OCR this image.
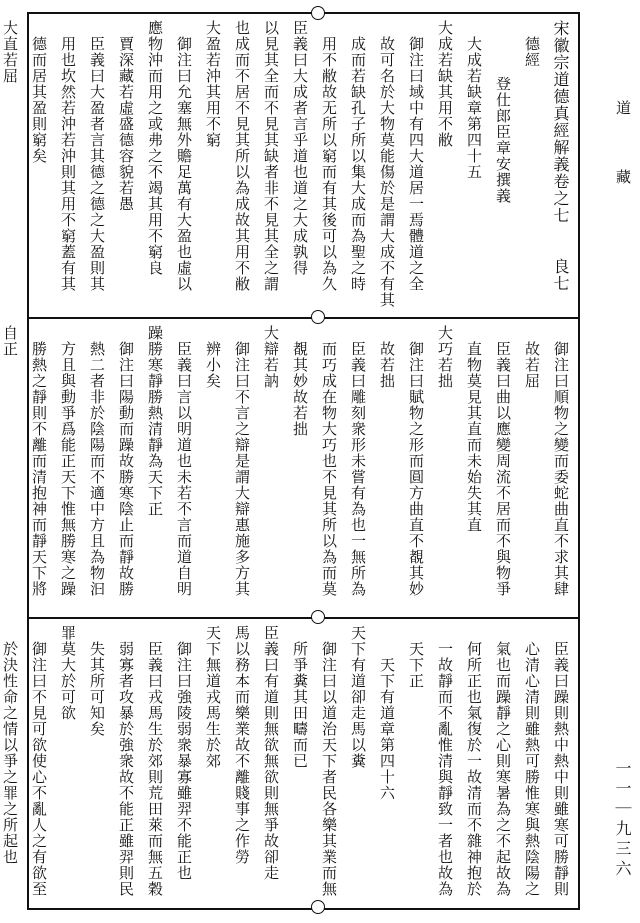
宋徽宗道德真經解義卷之七　　良七
德經
登仕郎臣章安撰義
大成若缺章第四十五
大成若缺其用不敝
御注曰域中有四大道居一焉體道之全
故可名於大物莫能傷於是謂大成不有其
成而若缺孔子所以集大成而為聖之時
用不敝故无所以窮而有其後可以為久
臣義曰大成者言乎道也道之大成孰得
以見其全而不見其缺者非不見其全之謂
也成而不居不見其所以為成故其用不敝
大盈若沖其用不窮
御注曰允塞無外贍足萬有大盈也虛以
應物沖而用之或弗之不竭其用不窮良
賈深藏若虛盛德容貌若愚
臣義曰大盈者言其德之德之大盈則其
用也坎然若沖若沖則其用不窮蓋有其
德而居其盈則窮矣
大直若屈
御注曰順物之變而委蛇曲直不求其肆
故若屈
臣義曰曲以應變周流不居而不與物爭
直物莫見其直而未始失其直
大巧若拙
御注曰賦物之形而圓方曲直不覩其妙
故若拙
臣義曰雕刻衆形未嘗有為也一無所為
而巧成在物大巧也不見其所以為而莫
覩其妙故若拙
大辯若訥
御注曰不言之辯是謂大辯惠施多方其
辨小矣
臣義曰言以明道也未若不言而道自明
躁勝寒靜勝熱清靜為天下正
御注曰陽動而躁故勝寒陰止而靜故勝
熱二者非於陰陽而不適中方且為物汩
方且與動爭爲能正天下惟無勝寒之躁
勝熱之靜則不離而清抱神而靜天下將
自正
臣義曰躁則熱中熱中則雖寒可勝靜則
心清心清則雖熱可勝惟寒與熱陰陽之
氣也而躁靜之心則寒暑為之不起故為
何所正也氣復於一故清而不雜神抱於
一故靜而不亂惟清與靜致一者也故為
天下正
天下有道章第四十六
天下有道卻走馬以糞
御注曰以道治天下者民各樂其業而無
所爭糞其田疇而已
臣義曰有道則無欲無欲則無爭故卻走
馬以務本而樂業故不離賤事之作勞
天下無道戎馬生於郊
御注曰強陵弱衆暴寡雖羿不能正也
臣義曰戎馬生於郊則荒田萊而無五穀
弱寡者攻暴於強衆故不能正雖羿則民
失其所可知矣
罪莫大於可欲
御注曰不見可欲使心不亂人之有欲至
於決性命之情以爭之罪之所起也
道 藏
一一｜九三六
